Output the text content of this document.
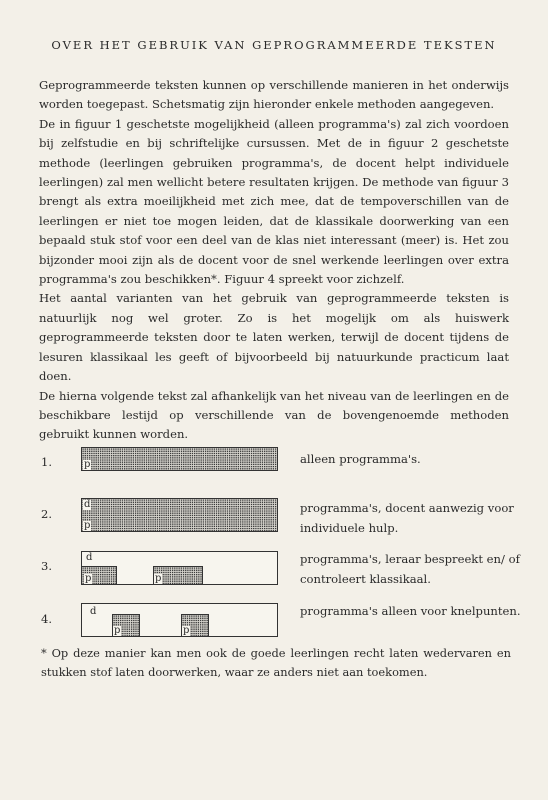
OVER HET GEBRUIK VAN GEPROGRAMMEERDE TEKSTEN

Geprogrammeerde teksten kunnen op verschillende manieren in het onderwijs worden toegepast. Schetsmatig zijn hieronder enkele methoden aangegeven.

De in figuur 1 geschetste mogelijkheid (alleen programma's) zal zich voordoen bij zelfstudie en bij schriftelijke cursussen. Met de in figuur 2 geschetste methode (leerlingen gebruiken programma's, de docent helpt individuele leerlingen) zal men wellicht betere resultaten krijgen. De methode van figuur 3 brengt als extra moeilijkheid met zich mee, dat de tempoverschillen van de leerlingen er niet toe mogen leiden, dat de klassikale doorwerking van een bepaald stuk stof voor een deel van de klas niet interessant (meer) is. Het zou bijzonder mooi zijn als de docent voor de snel werkende leerlingen over extra programma's zou beschikken*. Figuur 4 spreekt voor zichzelf.

Het aantal varianten van het gebruik van geprogrammeerde teksten is natuurlijk nog wel groter. Zo is het mogelijk om als huiswerk geprogrammeerde teksten door te laten werken, terwijl de docent tijdens de lesuren klassikaal les geeft of bijvoorbeeld bij natuurkunde practicum laat doen.

De hierna volgende tekst zal afhankelijk van het niveau van de leerlingen en de beschikbare lestijd op verschillende van de bovengenoemde methoden gebruikt kunnen worden.

1.	p	alleen programma's.
2.
d
p
programma's, docent aanwezig voor individuele hulp.
3.
d
p	p
programma's, leraar bespreekt en/ of controleert klassikaal.
4.
d
p	p
programma's alleen voor knelpunten.
* Op deze manier kan men ook de goede leerlingen recht laten wedervaren en stukken stof laten doorwerken, waar ze anders niet aan toekomen.
